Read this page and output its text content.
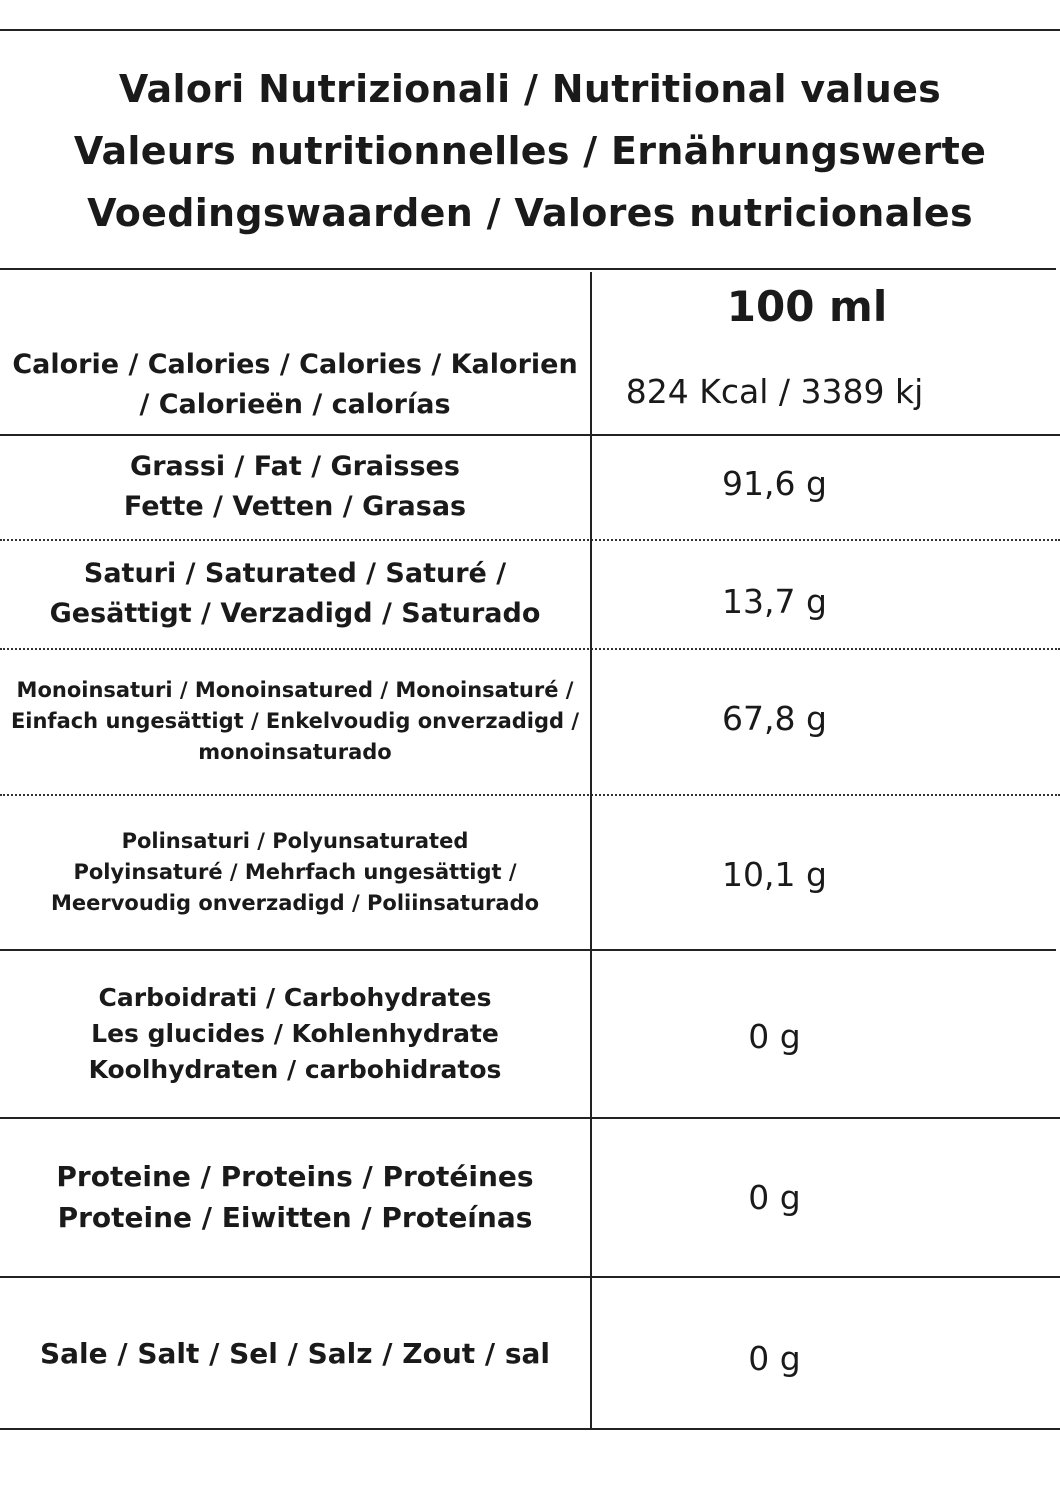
Valori Nutrizionali / Nutritional values
Valeurs nutritionnelles / Ernährungswerte
Voedingswaarden / Valores nutricionales
100 ml
Calorie / Calories / Calories / Kalorien
/ Calorieën / calorías	824 Kcal / 3389 kj
Grassi / Fat / Graisses
Fette / Vetten / Grasas
91,6 g
Saturi / Saturated / Saturé /
Gesättigt / Verzadigd / Saturado	13,7 g
Monoinsaturi / Monoinsatured / Monoinsaturé /
Einfach ungesättigt / Enkelvoudig onverzadigd /
monoinsaturado
67,8 g
Polinsaturi / Polyunsaturated
Polyinsaturé / Mehrfach ungesättigt /
Meervoudig onverzadigd / Poliinsaturado
10,1 g
Carboidrati / Carbohydrates
Les glucides / Kohlenhydrate
Koolhydraten / carbohidratos
0 g
Proteine / Proteins / Protéines
Proteine / Eiwitten / Proteínas
0 g
Sale / Salt / Sel / Salz / Zout / sal	0 g
